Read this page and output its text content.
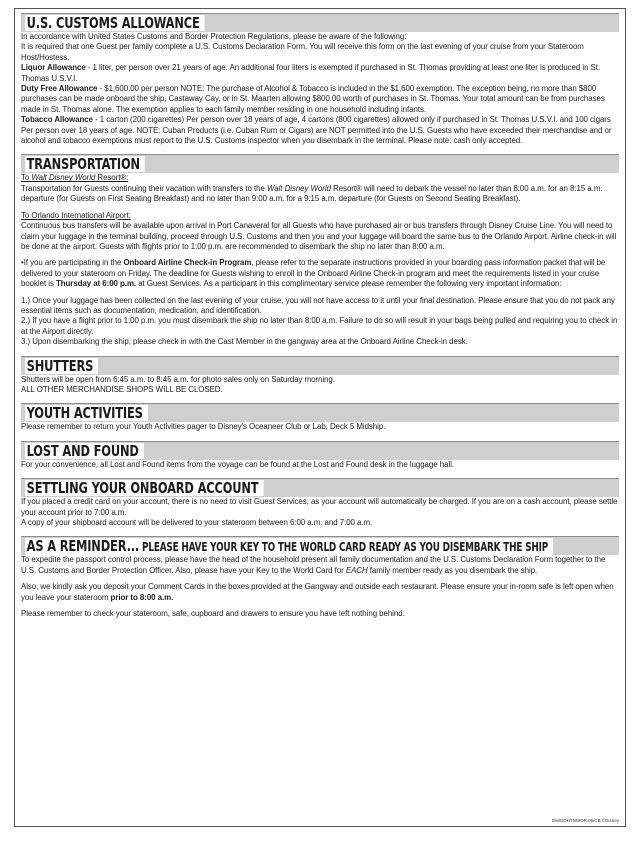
U.S. CUSTOMS ALLOWANCE

In accordance with United States Customs and Border Protection Regulations, please be aware of the following:

It is required that one Guest per family complete a U.S. Customs Declaration Form. You will receive this form on the last evening of your cruise from your Stateroom Host/Hostess.

Liquor Allowance - 1 liter, per person over 21 years of age. An additional four liters is exempted if purchased in St. Thomas providing at least one liter is produced in St. Thomas U.S.V.I.

Duty Free Allowance - $1,600.00 per person NOTE: The purchase of Alcohol & Tobacco is included in the $1,600 exemption. The exception being, no more than $800 purchases can be made onboard the ship, Castaway Cay, or in St. Maarten allowing $800.00 worth of purchases in St. Thomas. Your total amount can be from purchases made in St. Thomas alone. The exemption applies to each family member residing in one household including infants.

Tobacco Allowance - 1 carton (200 cigarettes) Per person over 18 years of age, 4 cartons (800 cigarettes) allowed only if purchased in St. Thomas U.S.V.I. and 100 cigars Per person over 18 years of age. NOTE: Cuban Products (i.e. Cuban Rum or Cigars) are NOT permitted into the U.S. Guests who have exceeded their merchandise and or alcohol and tobacco exemptions must report to the U.S. Customs inspector when you disembark in the terminal. Please note: cash only accepted.

TRANSPORTATION

To Walt Disney World Resort®:

Transportation for Guests continuing their vacation with transfers to the Walt Disney World Resort® will need to debark the vessel no later than 8:00 a.m. for an 8:15 a.m. departure (for Guests on First Seating Breakfast) and no later than 9:00 a.m. for a 9:15 a.m. departure (for Guests on Second Seating Breakfast).

To Orlando International Airport:

Continuous bus transfers will be available upon arrival in Port Canaveral for all Guests who have purchased air or bus transfers through Disney Cruise Line. You will need to claim your luggage in the terminal building, proceed through U.S. Customs and then you and your luggage will board the same bus to the Orlando Airport. Airline check-in will be done at the airport. Guests with flights prior to 1:00 p.m. are recommended to disembark the ship no later than 8:00 a.m.

•If you are participating in the Onboard Airline Check-in Program, please refer to the separate instructions provided in your boarding pass information packet that will be delivered to your stateroom on Friday. The deadline for Guests wishing to enroll in the Onboard Airline Check-in program and meet the requirements listed in your cruise booklet is Thursday at 6:00 p.m. at Guest Services. As a participant in this complimentary service please remember the following very important information:

1.) Once your luggage has been collected on the last evening of your cruise, you will not have access to it until your final destination. Please ensure that you do not pack any essential items such as documentation, medication, and identification.

2.) If you have a flight prior to 1:00 p.m. you must disembark the ship no later than 8:00 a.m. Failure to do so will result in your bags being pulled and requiring you to check in at the Airport directly.

3.) Upon disembarking the ship, please check in with the Cast Member in the gangway area at the Onboard Airline Check-in desk.

SHUTTERS

Shutters will be open from 6:45 a.m. to 8:45 a.m. for photo sales only on Saturday morning.

ALL OTHER MERCHANDISE SHOPS WILL BE CLOSED.

YOUTH ACTIVITIES

Please remember to return your Youth Activities pager to Disney's Oceaneer Club or Lab, Deck 5 Midship.

LOST AND FOUND

For your convenience, all Lost and Found items from the voyage can be found at the Lost and Found desk in the luggage hall.

SETTLING YOUR ONBOARD ACCOUNT

If you placed a credit card on your account, there is no need to visit Guest Services, as your account will automatically be charged. If you are on a cash account, please settle your account prior to 7:00 a.m.

A copy of your shipboard account will be delivered to your stateroom between 6:00 a.m. and 7:00 a.m.

AS A REMINDER... PLEASE HAVE YOUR KEY TO THE WORLD CARD READY AS YOU DISEMBARK THE SHIP

To expedite the passport control process, please have the head of the household present all family documentation and the U.S. Customs Declaration Form together to the U.S. Customs and Border Protection Officer. Also, please have your Key to the World Card for EACH family member ready as you disembark the ship.

Also, we kindly ask you deposit your Comment Cards in the boxes provided at the Gangway and outside each restaurant. Please ensure your in-room safe is left open when you leave your stateroom prior to 8:00 a.m.

Please remember to check your stateroom, safe, cupboard and drawers to ensure you have left nothing behind.

DM/DDHTNWOR.06/CB ©Disney
